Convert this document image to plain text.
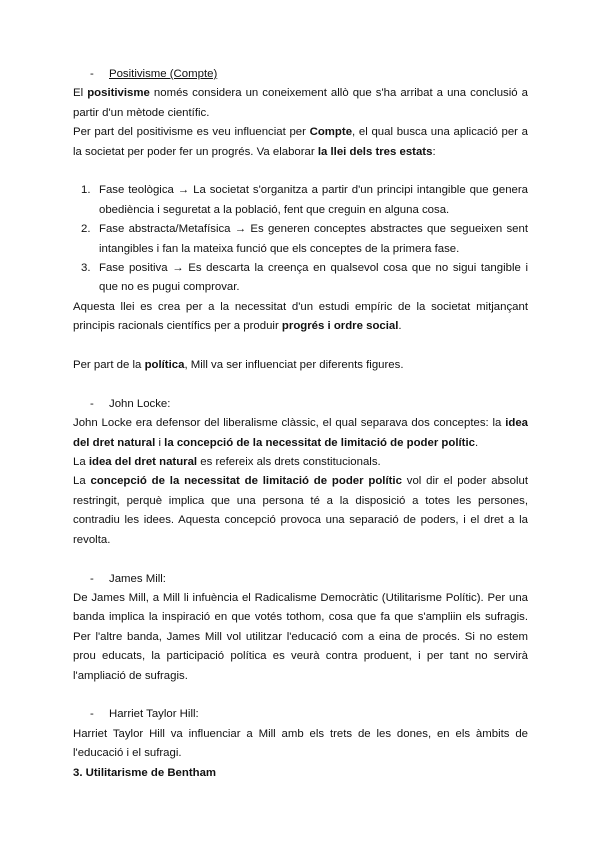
- Positivisme (Compte)

El positivisme només considera un coneixement allò que s'ha arribat a una conclusió a partir d'un mètode científic.

Per part del positivisme es veu influenciat per Compte, el qual busca una aplicació per a la societat per poder fer un progrés. Va elaborar la llei dels tres estats:

1. Fase teològica → La societat s'organitza a partir d'un principi intangible que genera obediència i seguretat a la població, fent que creguin en alguna cosa.
2. Fase abstracta/Metafísica → Es generen conceptes abstractes que segueixen sent intangibles i fan la mateixa funció que els conceptes de la primera fase.
3. Fase positiva → Es descarta la creença en qualsevol cosa que no sigui tangible i que no es pugui comprovar.

Aquesta llei es crea per a la necessitat d'un estudi empíric de la societat mitjançant principis racionals científics per a produir progrés i ordre social.

Per part de la política, Mill va ser influenciat per diferents figures.

- John Locke:

John Locke era defensor del liberalisme clàssic, el qual separava dos conceptes: la idea del dret natural i la concepció de la necessitat de limitació de poder polític.

La idea del dret natural es refereix als drets constitucionals.

La concepció de la necessitat de limitació de poder polític vol dir el poder absolut restringit, perquè implica que una persona té a la disposició a totes les persones, contradiu les idees. Aquesta concepció provoca una separació de poders, i el dret a la revolta.

- James Mill:

De James Mill, a Mill li infuència el Radicalisme Democràtic (Utilitarisme Polític). Per una banda implica la inspiració en que votés tothom, cosa que fa que s'ampliin els sufragis. Per l'altre banda, James Mill vol utilitzar l'educació com a eina de procés. Si no estem prou educats, la participació política es veurà contra produent, i per tant no servirà l'ampliació de sufragis.

- Harriet Taylor Hill:

Harriet Taylor Hill va influenciar a Mill amb els trets de les dones, en els àmbits de l'educació i el sufragi.

3. Utilitarisme de Bentham
